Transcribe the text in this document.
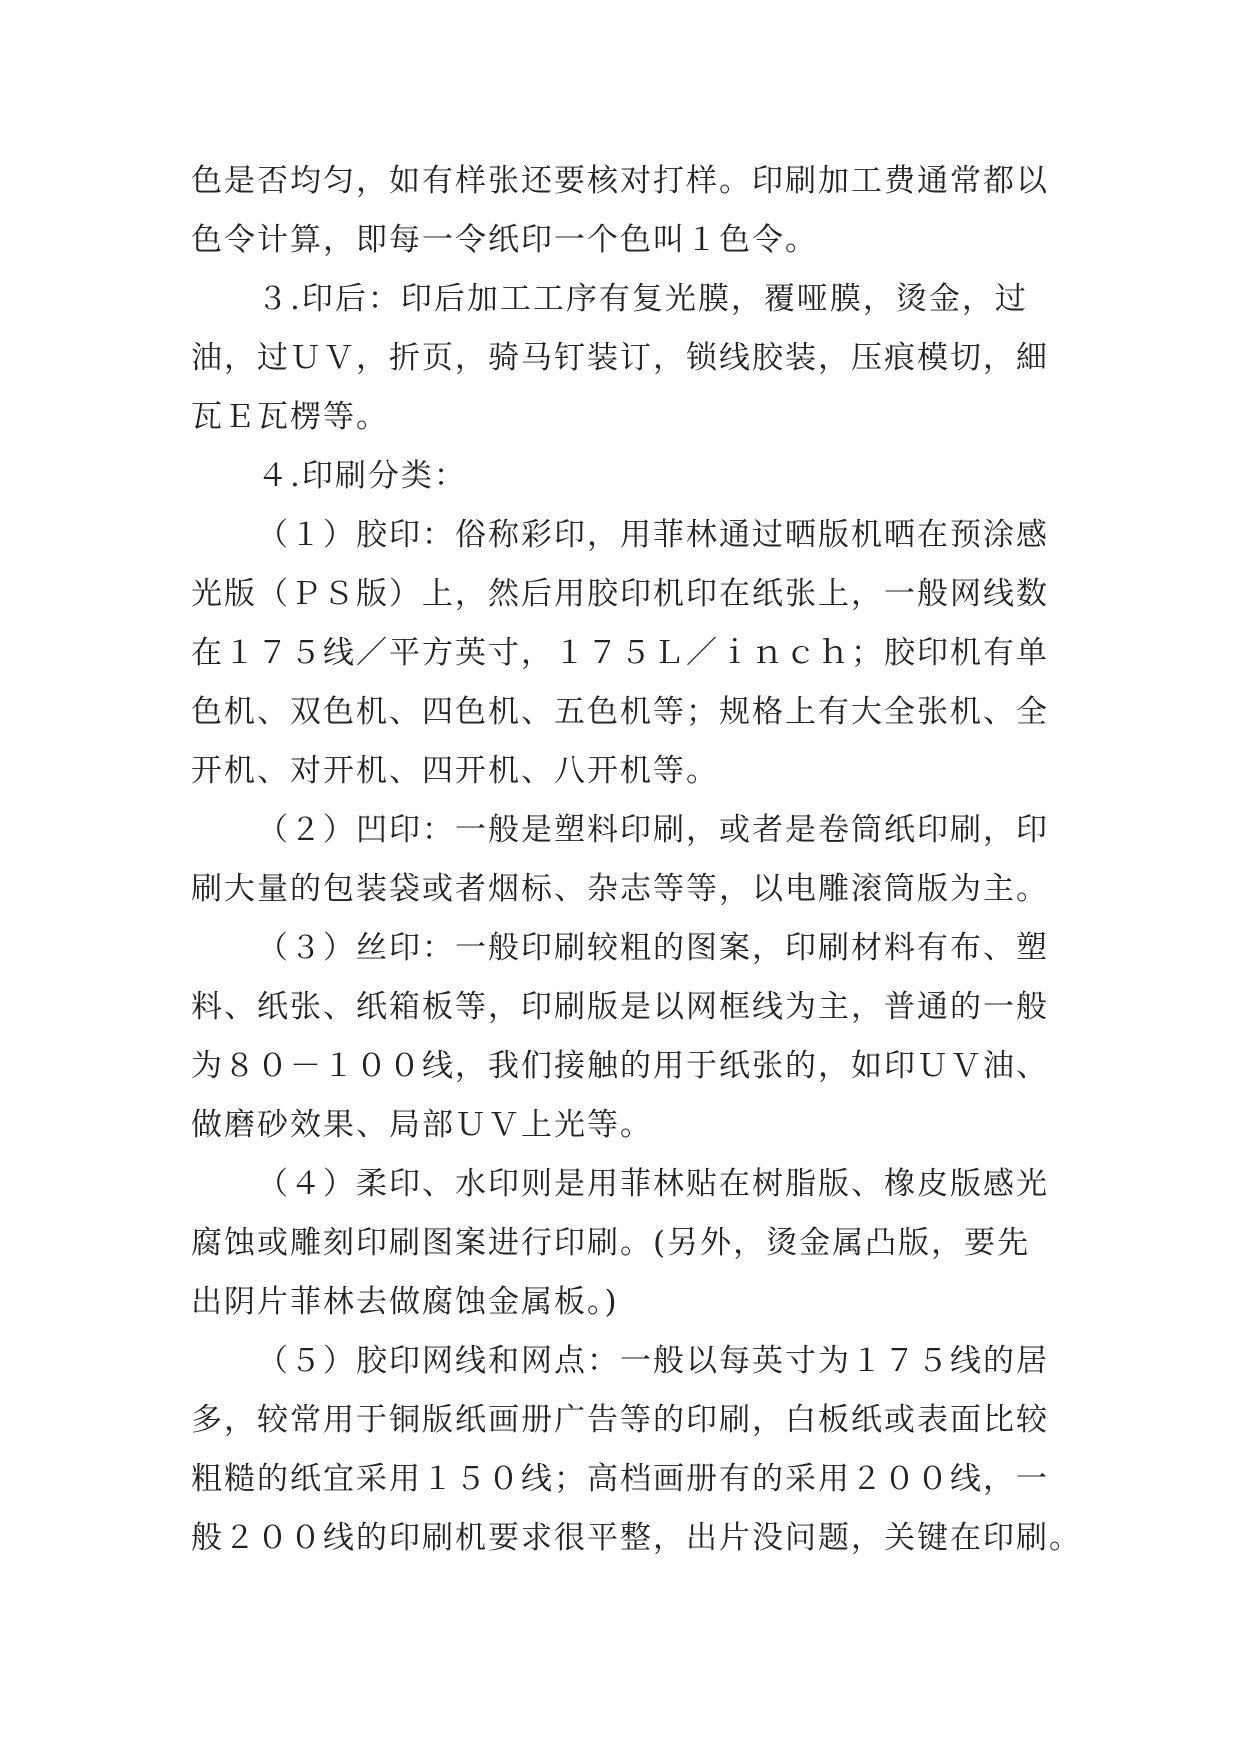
色是否均匀，如有样张还要核对打样。印刷加工费通常都以
色令计算，即每一令纸印一个色叫１色令。
３.印后：印后加工工序有复光膜，覆哑膜，烫金，过
油，过ＵＶ，折页，骑马钉装订，锁线胶装，压痕模切，細
瓦Ｅ瓦楞等。
４.印刷分类：
（１）胶印：俗称彩印，用菲林通过晒版机晒在预涂感
光版（ＰＳ版）上，然后用胶印机印在纸张上，一般网线数
在１７５线／平方英寸，１７５Ｌ／ｉｎｃｈ；胶印机有单
色机、双色机、四色机、五色机等；规格上有大全张机、全
开机、对开机、四开机、八开机等。
（２）凹印：一般是塑料印刷，或者是卷筒纸印刷，印
刷大量的包装袋或者烟标、杂志等等，以电雕滚筒版为主。
（３）丝印：一般印刷较粗的图案，印刷材料有布、塑
料、纸张、纸箱板等，印刷版是以网框线为主，普通的一般
为８０－１００线，我们接触的用于纸张的，如印ＵＶ油、
做磨砂效果、局部ＵＶ上光等。
（４）柔印、水印则是用菲林贴在树脂版、橡皮版感光
腐蚀或雕刻印刷图案进行印刷。(另外，烫金属凸版，要先
出阴片菲林去做腐蚀金属板。)
（５）胶印网线和网点：一般以每英寸为１７５线的居
多，较常用于铜版纸画册广告等的印刷，白板纸或表面比较
粗糙的纸宜采用１５０线；高档画册有的采用２００线，一
般２００线的印刷机要求很平整，出片没问题，关键在印刷。
